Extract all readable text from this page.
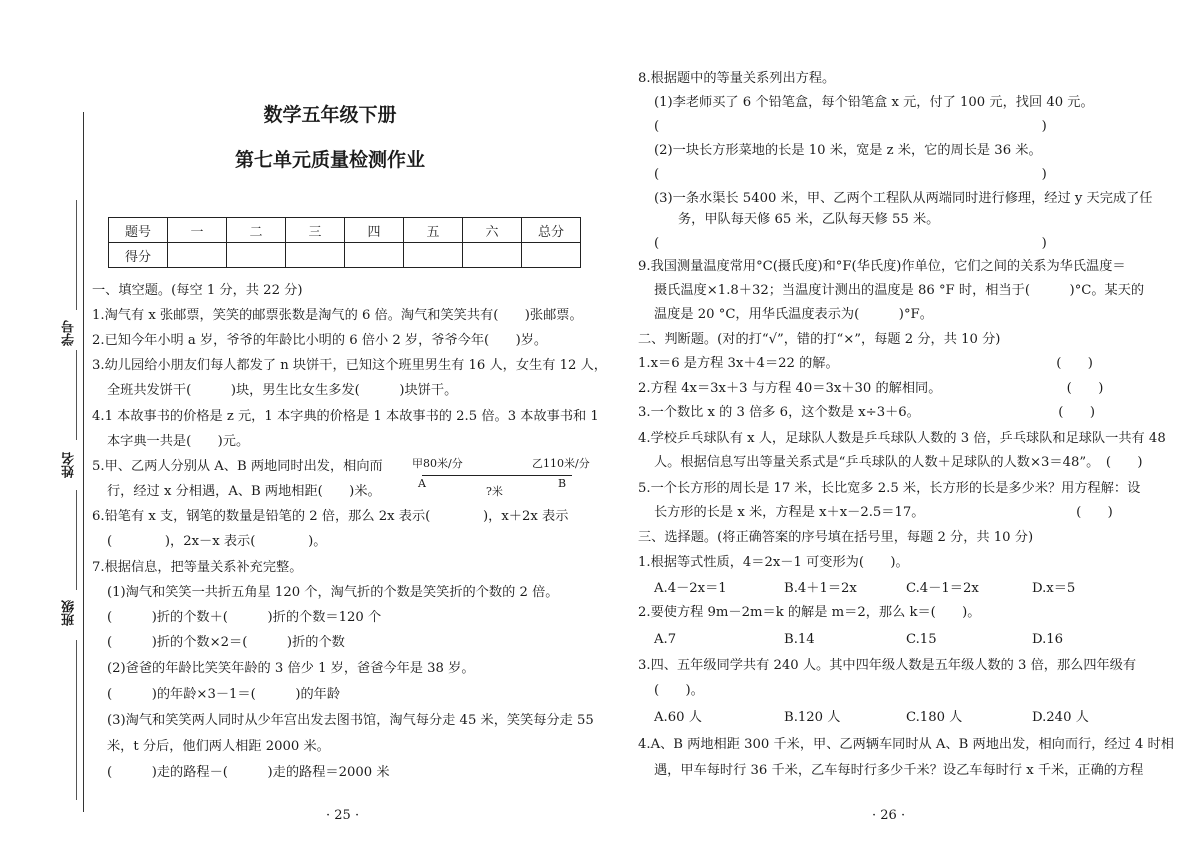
学号
姓名
班级
数学五年级下册
第七单元质量检测作业
题号	一	二	三	四	五	六	总分
得分							
一、填空题。(每空 1 分，共 22 分)
1.淘气有 x 张邮票，笑笑的邮票张数是淘气的 6 倍。淘气和笑笑共有(　　)张邮票。
2.已知今年小明 a 岁，爷爷的年龄比小明的 6 倍小 2 岁，爷爷今年(　　)岁。
3.幼儿园给小朋友们每人都发了 n 块饼干，已知这个班里男生有 16 人，女生有 12 人，
全班共发饼干(　　　)块，男生比女生多发(　　　)块饼干。
4.1 本故事书的价格是 z 元，1 本字典的价格是 1 本故事书的 2.5 倍。3 本故事书和 1
本字典一共是(　　)元。
5.甲、乙两人分别从 A、B 两地同时出发，相向而
行，经过 x 分相遇，A、B 两地相距(　　)米。
甲80米/分	乙110米/分
A
?米
B
6.铅笔有 x 支，钢笔的数量是铅笔的 2 倍，那么 2x 表示(　　　　)，x＋2x 表示
(　　　　)，2x－x 表示(　　　　)。
7.根据信息，把等量关系补充完整。
(1)淘气和笑笑一共折五角星 120 个，淘气折的个数是笑笑折的个数的 2 倍。
(　　　)折的个数＋(　　　)折的个数＝120 个
(　　　)折的个数×2＝(　　　)折的个数
(2)爸爸的年龄比笑笑年龄的 3 倍少 1 岁，爸爸今年是 38 岁。
(　　　)的年龄×3－1＝(　　　)的年龄
(3)淘气和笑笑两人同时从少年宫出发去图书馆，淘气每分走 45 米，笑笑每分走 55
米，t 分后，他们两人相距 2000 米。
(　　　)走的路程－(　　　)走的路程＝2000 米
· 25 ·
8.根据题中的等量关系列出方程。
(1)李老师买了 6 个铅笔盒，每个铅笔盒 x 元，付了 100 元，找回 40 元。
(　　　　　　　　　　　　　　　　　　　　　　　　　　　　　)
(2)一块长方形菜地的长是 10 米，宽是 z 米，它的周长是 36 米。
(　　　　　　　　　　　　　　　　　　　　　　　　　　　　　)
(3)一条水渠长 5400 米，甲、乙两个工程队从两端同时进行修理，经过 y 天完成了任
务，甲队每天修 65 米，乙队每天修 55 米。
(　　　　　　　　　　　　　　　　　　　　　　　　　　　　　)
9.我国测量温度常用°C(摄氏度)和°F(华氏度)作单位，它们之间的关系为华氏温度＝
摄氏温度×1.8＋32；当温度计测出的温度是 86 °F 时，相当于(　　　)°C。某天的
温度是 20 °C，用华氏温度表示为(　　　)°F。
二、判断题。(对的打“√”，错的打“×”，每题 2 分，共 10 分)
1.x＝6 是方程 3x＋4＝22 的解。　　　　　　　　　　　　　　　　　(　　)
2.方程 4x＝3x＋3 与方程 40＝3x＋30 的解相同。　　　　　　　　　　(　　)
3.一个数比 x 的 3 倍多 6，这个数是 x÷3＋6。　　　　　　　　　　　(　　)
4.学校乒乓球队有 x 人，足球队人数是乒乓球队人数的 3 倍，乒乓球队和足球队一共有 48
人。根据信息写出等量关系式是“乒乓球队的人数＋足球队的人数×3＝48”。　(　　)
5.一个长方形的周长是 17 米，长比宽多 2.5 米，长方形的长是多少米？用方程解：设
长方形的长是 x 米，方程是 x＋x－2.5＝17。　　　　　　　　　　　　(　　)
三、选择题。(将正确答案的序号填在括号里，每题 2 分，共 10 分)
1.根据等式性质，4＝2x－1 可变形为(　　)。
A.4－2x＝1	B.4＋1＝2x	C.4－1＝2x	D.x＝5
2.要使方程 9m－2m＝k 的解是 m＝2，那么 k＝(　　)。
A.7	B.14	C.15	D.16
3.四、五年级同学共有 240 人。其中四年级人数是五年级人数的 3 倍，那么四年级有
(　　)。
A.60 人	B.120 人	C.180 人	D.240 人
4.A、B 两地相距 300 千米，甲、乙两辆车同时从 A、B 两地出发，相向而行，经过 4 时相
遇，甲车每时行 36 千米，乙车每时行多少千米？设乙车每时行 x 千米，正确的方程
· 26 ·
